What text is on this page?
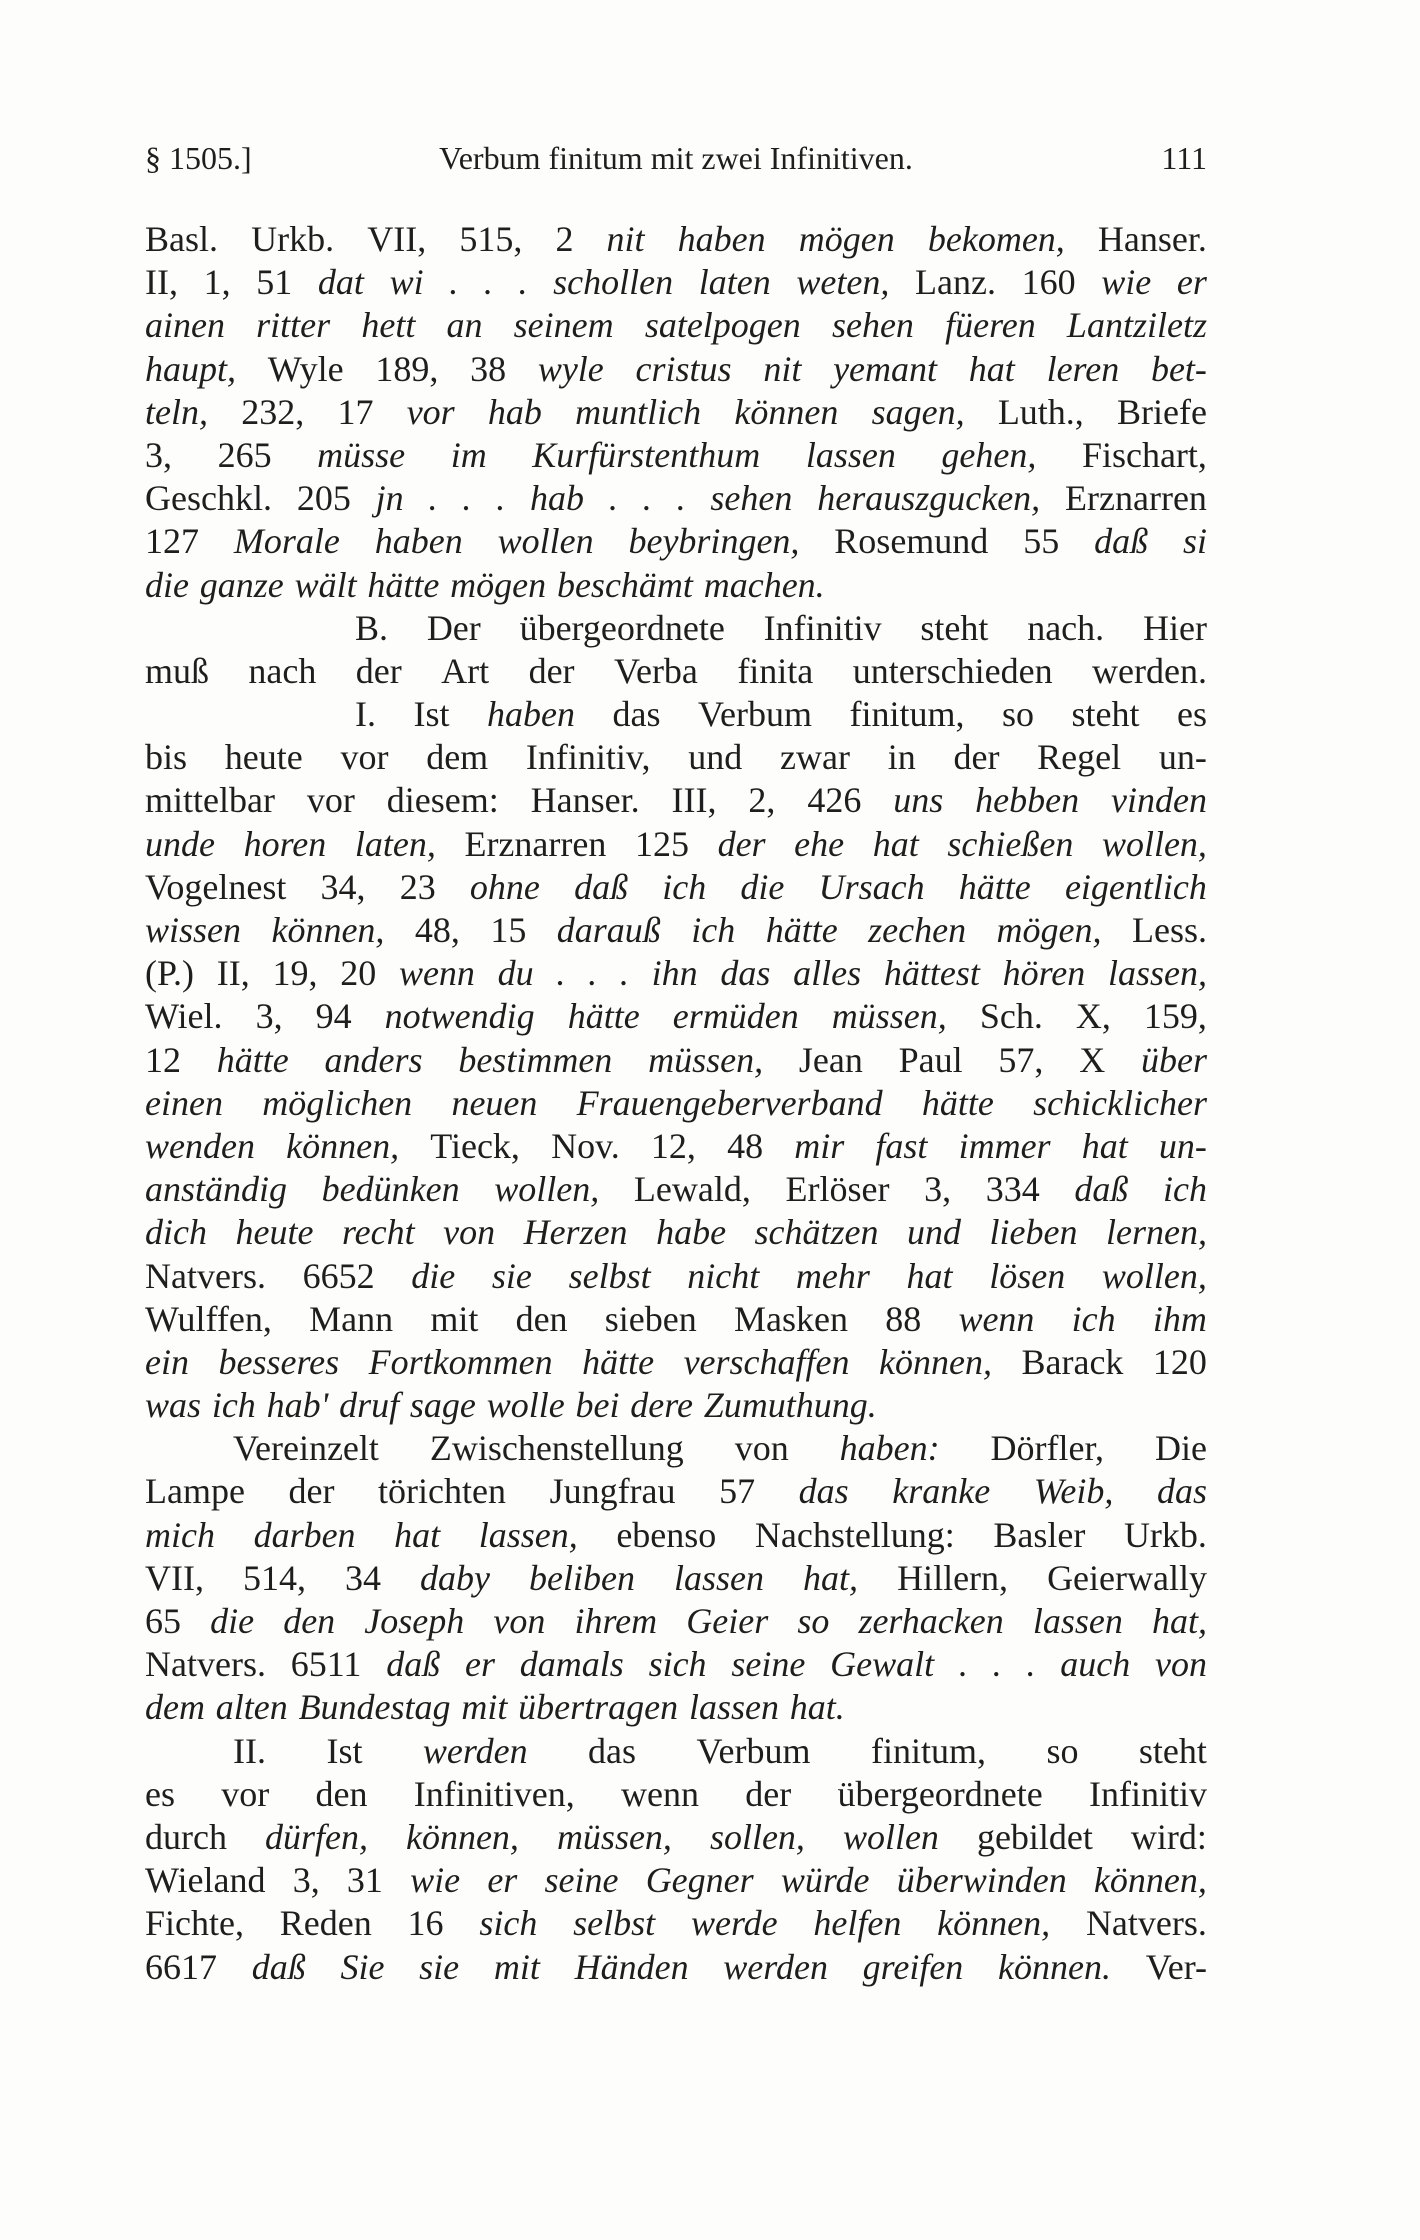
§ 1505.]	Verbum finitum mit zwei Infinitiven.	111
Basl. Urkb. VII, 515, 2 nit haben mögen bekomen, Hanser.
II, 1, 51 dat wi . . . schollen laten weten, Lanz. 160 wie er
ainen ritter hett an seinem satelpogen sehen füeren Lantziletz
haupt, Wyle 189, 38 wyle cristus nit yemant hat leren bet-
teln, 232, 17 vor hab muntlich können sagen, Luth., Briefe
3, 265 müsse im Kurfürstenthum lassen gehen, Fischart,
Geschkl. 205 jn . . . hab . . . sehen herauszgucken, Erznarren
127 Morale haben wollen beybringen, Rosemund 55 daß si
die ganze wält hätte mögen beschämt machen.
B. Der übergeordnete Infinitiv steht nach. Hier
muß nach der Art der Verba finita unterschieden werden.
I. Ist haben das Verbum finitum, so steht es
bis heute vor dem Infinitiv, und zwar in der Regel un-
mittelbar vor diesem: Hanser. III, 2, 426 uns hebben vinden
unde horen laten, Erznarren 125 der ehe hat schießen wollen,
Vogelnest 34, 23 ohne daß ich die Ursach hätte eigentlich
wissen können, 48, 15 darauß ich hätte zechen mögen, Less.
(P.) II, 19, 20 wenn du . . . ihn das alles hättest hören lassen,
Wiel. 3, 94 notwendig hätte ermüden müssen, Sch. X, 159,
12 hätte anders bestimmen müssen, Jean Paul 57, X über
einen möglichen neuen Frauengeberverband hätte schicklicher
wenden können, Tieck, Nov. 12, 48 mir fast immer hat un-
anständig bedünken wollen, Lewald, Erlöser 3, 334 daß ich
dich heute recht von Herzen habe schätzen und lieben lernen,
Natvers. 6652 die sie selbst nicht mehr hat lösen wollen,
Wulffen, Mann mit den sieben Masken 88 wenn ich ihm
ein besseres Fortkommen hätte verschaffen können, Barack 120
was ich hab' druf sage wolle bei dere Zumuthung.
Vereinzelt Zwischenstellung von haben: Dörfler, Die
Lampe der törichten Jungfrau 57 das kranke Weib, das
mich darben hat lassen, ebenso Nachstellung: Basler Urkb.
VII, 514, 34 daby beliben lassen hat, Hillern, Geierwally
65 die den Joseph von ihrem Geier so zerhacken lassen hat,
Natvers. 6511 daß er damals sich seine Gewalt . . . auch von
dem alten Bundestag mit übertragen lassen hat.
II. Ist werden das Verbum finitum, so steht
es vor den Infinitiven, wenn der übergeordnete Infinitiv
durch dürfen, können, müssen, sollen, wollen gebildet wird:
Wieland 3, 31 wie er seine Gegner würde überwinden können,
Fichte, Reden 16 sich selbst werde helfen können, Natvers.
6617 daß Sie sie mit Händen werden greifen können. Ver-
